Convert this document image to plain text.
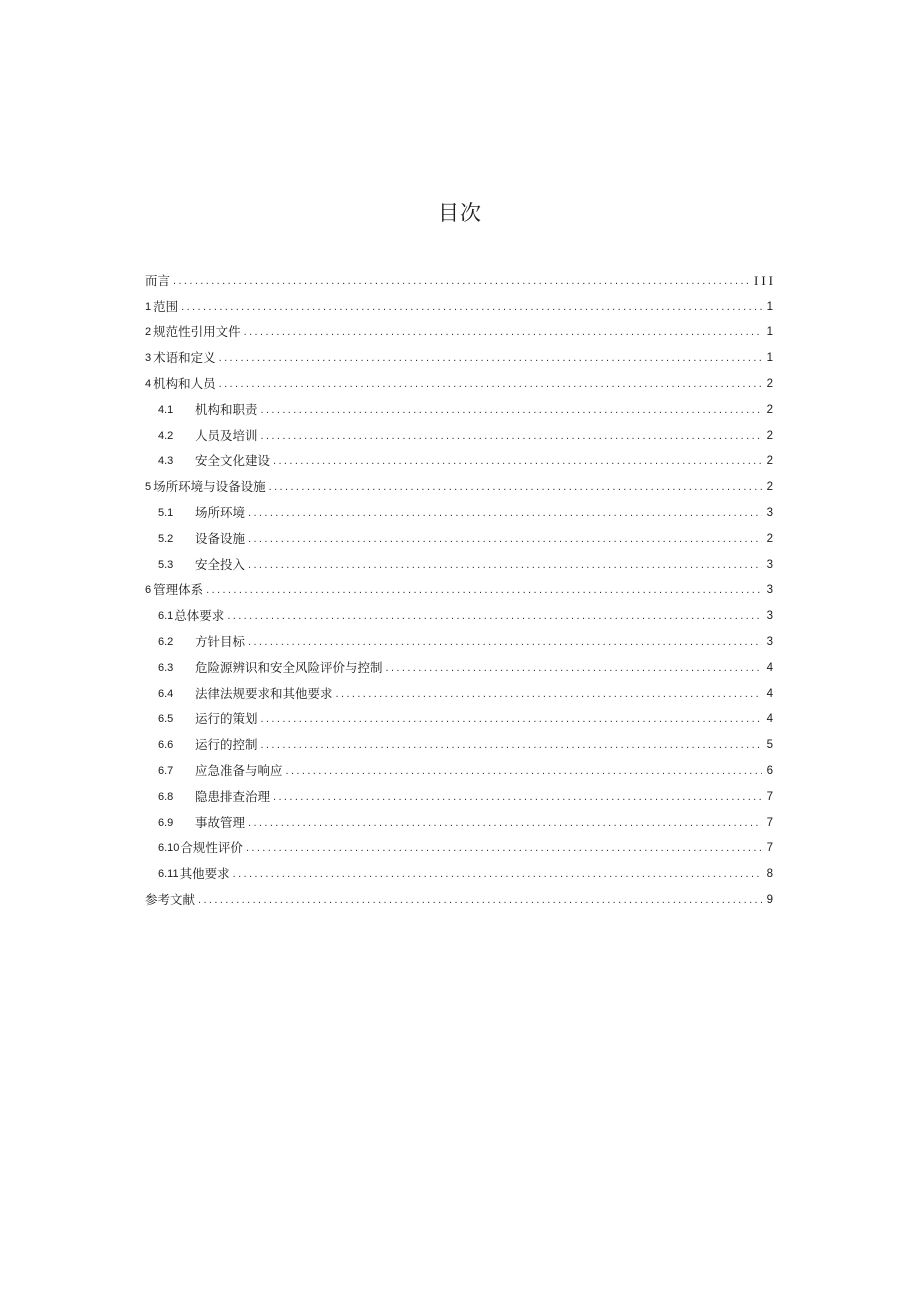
目次
而言 .....	III
1 范围 .....	1
2 规范性引用文件 .....	1
3 术语和定义 .....	1
4 机构和人员 .....	2
4.1	机构和职责 .....	2
4.2	人员及培训 .....	2
4.3	安全文化建设 .....	2
5 场所环境与设备设施 .....	2
5.1	场所环境 .....	3
5.2	设备设施 .....	2
5.3	安全投入 .....	3
6 管理体系 .....	3
6.1 总体要求 .....	3
6.2	方针目标 .....	3
6.3	危险源辨识和安全风险评价与控制 .....	4
6.4	法律法规要求和其他要求 .....	4
6.5	运行的策划 .....	4
6.6	运行的控制 .....	5
6.7	应急准备与响应 .....	6
6.8	隐患排查治理 .....	7
6.9	事故管理 .....	7
6.10 合规性评价 .....	7
6.11 其他要求 .....	8
参考文献 .....	9
